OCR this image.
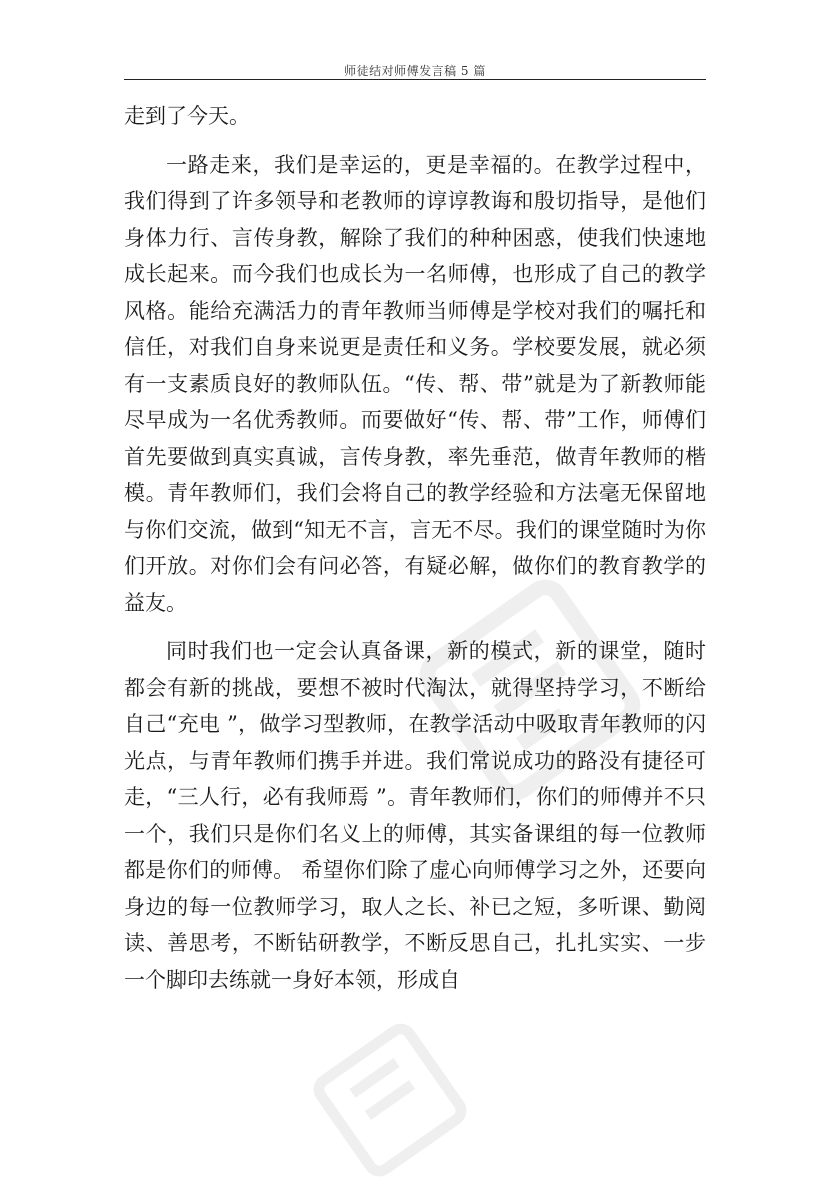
师徒结对师傅发言稿 5 篇

走到了今天。

一路走来，我们是幸运的，更是幸福的。在教学过程中，我们得到了许多领导和老教师的谆谆教诲和殷切指导，是他们身体力行、言传身教，解除了我们的种种困惑，使我们快速地成长起来。而今我们也成长为一名师傅，也形成了自己的教学风格。能给充满活力的青年教师当师傅是学校对我们的嘱托和信任，对我们自身来说更是责任和义务。学校要发展，就必须有一支素质良好的教师队伍。“传、帮、带”就是为了新教师能尽早成为一名优秀教师。而要做好“传、帮、带”工作，师傅们首先要做到真实真诚，言传身教，率先垂范，做青年教师的楷模。青年教师们，我们会将自己的教学经验和方法毫无保留地与你们交流，做到“知无不言，言无不尽。我们的课堂随时为你们开放。对你们会有问必答，有疑必解，做你们的教育教学的益友。

同时我们也一定会认真备课，新的模式，新的课堂，随时都会有新的挑战，要想不被时代淘汰，就得坚持学习，不断给自己“充电 ”，做学习型教师，在教学活动中吸取青年教师的闪光点，与青年教师们携手并进。我们常说成功的路没有捷径可走，“三人行，必有我师焉 ”。青年教师们，你们的师傅并不只一个，我们只是你们名义上的师傅，其实备课组的每一位教师都是你们的师傅。 希望你们除了虚心向师傅学习之外，还要向身边的每一位教师学习，取人之长、补已之短，多听课、勤阅读、善思考，不断钻研教学，不断反思自己，扎扎实实、一步一个脚印去练就一身好本领，形成自
